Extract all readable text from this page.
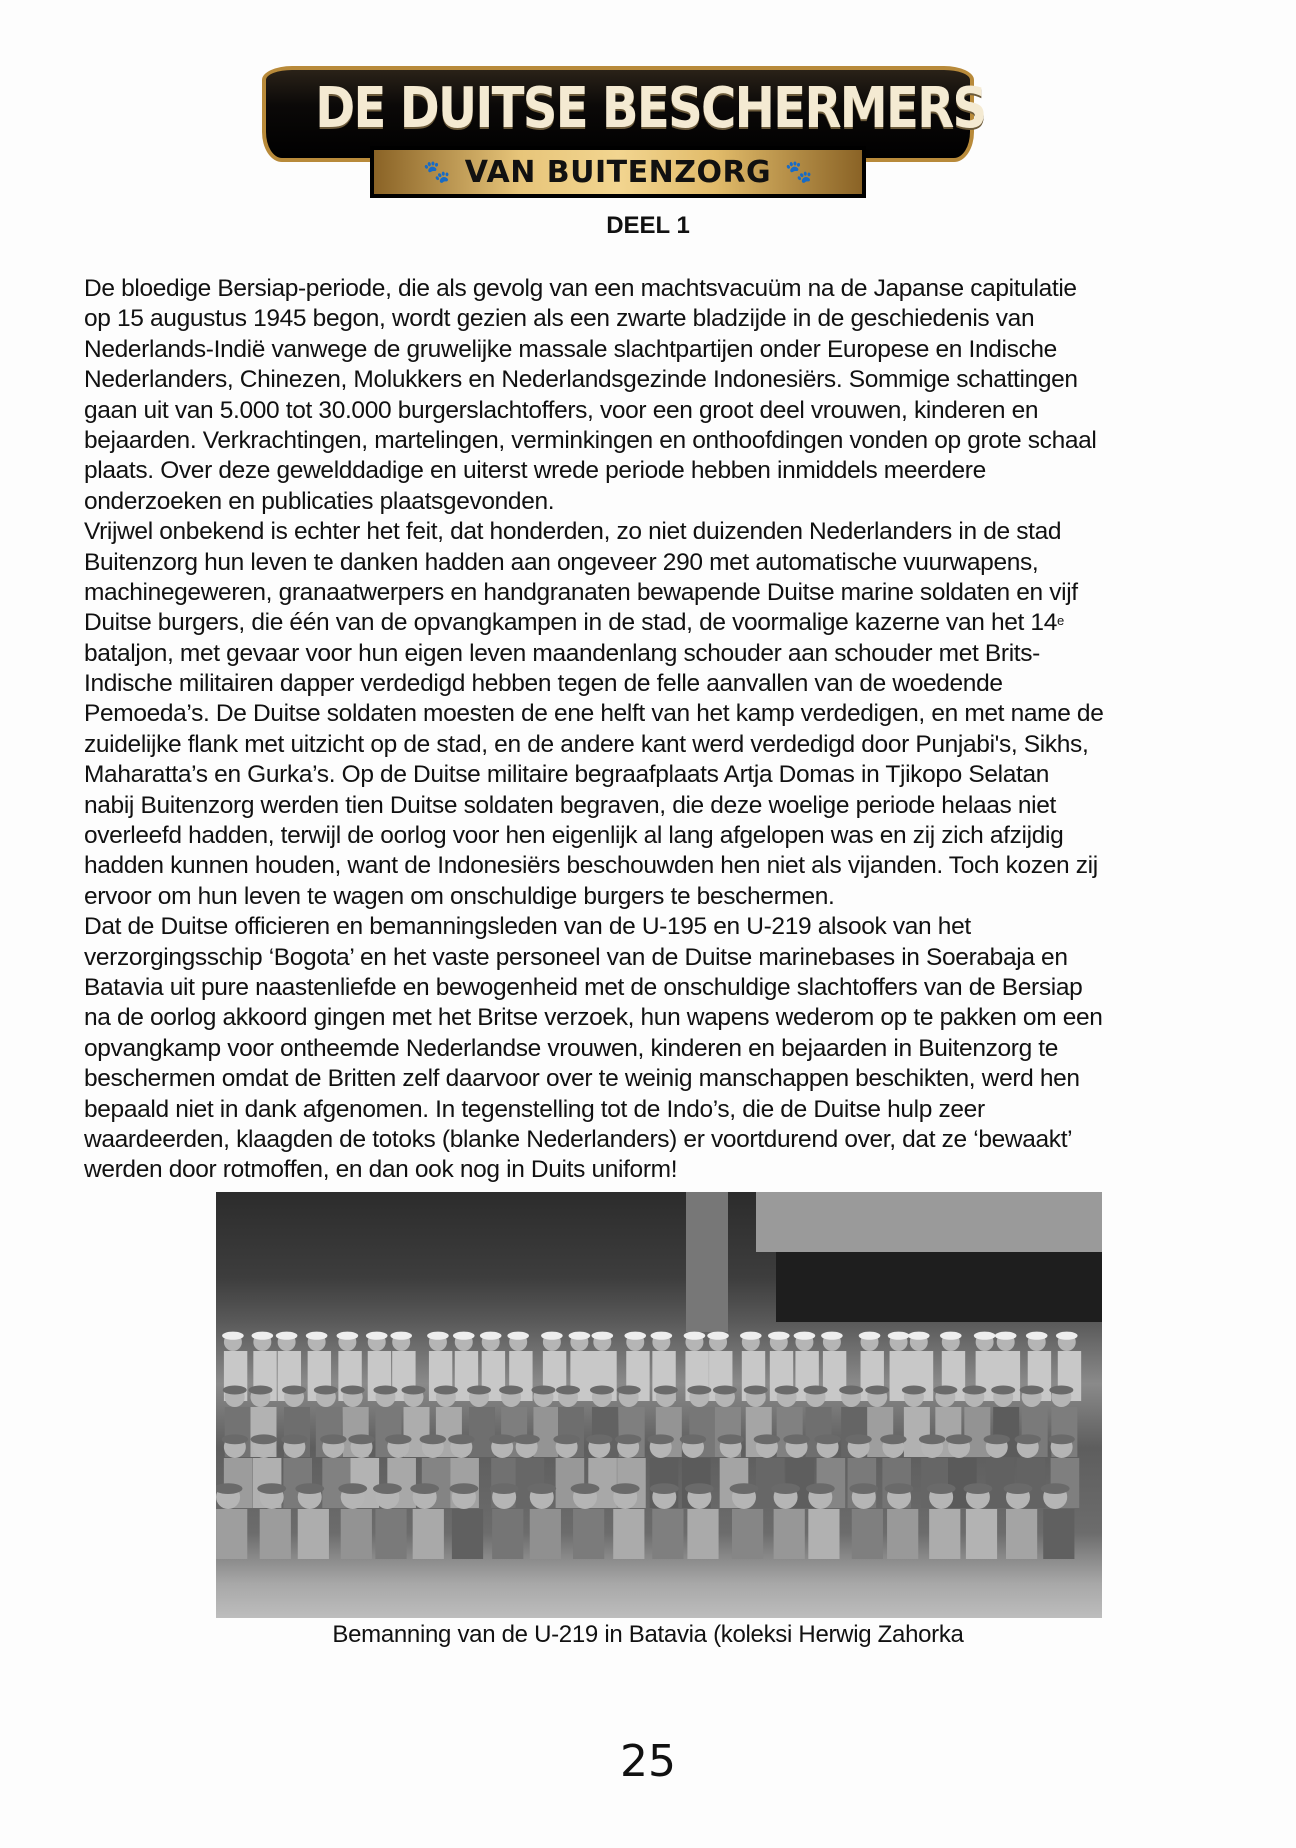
DE DUITSE BESCHERMERS
🐾 VAN BUITENZORG 🐾
DEEL 1
De bloedige Bersiap-periode, die als gevolg van een machtsvacuüm na de Japanse capitulatie
op 15 augustus 1945 begon, wordt gezien als een zwarte bladzijde in de geschiedenis van
Nederlands-Indië vanwege de gruwelijke massale slachtpartijen onder Europese en Indische
Nederlanders, Chinezen, Molukkers en Nederlandsgezinde Indonesiërs. Sommige schattingen
gaan uit van 5.000 tot 30.000 burgerslachtoffers, voor een groot deel vrouwen, kinderen en
bejaarden. Verkrachtingen, martelingen, verminkingen en onthoofdingen vonden op grote schaal
plaats. Over deze gewelddadige en uiterst wrede periode hebben inmiddels meerdere
onderzoeken en publicaties plaatsgevonden.
Vrijwel onbekend is echter het feit, dat honderden, zo niet duizenden Nederlanders in de stad
Buitenzorg hun leven te danken hadden aan ongeveer 290 met automatische vuurwapens,
machinegeweren, granaatwerpers en handgranaten bewapende Duitse marine soldaten en vijf
Duitse burgers, die één van de opvangkampen in de stad, de voormalige kazerne van het 14e
bataljon, met gevaar voor hun eigen leven maandenlang schouder aan schouder met Brits-
Indische militairen dapper verdedigd hebben tegen de felle aanvallen van de woedende
Pemoeda’s. De Duitse soldaten moesten de ene helft van het kamp verdedigen, en met name de
zuidelijke flank met uitzicht op de stad, en de andere kant werd verdedigd door Punjabi's, Sikhs,
Maharatta’s en Gurka’s. Op de Duitse militaire begraafplaats Artja Domas in Tjikopo Selatan
nabij Buitenzorg werden tien Duitse soldaten begraven, die deze woelige periode helaas niet
overleefd hadden, terwijl de oorlog voor hen eigenlijk al lang afgelopen was en zij zich afzijdig
hadden kunnen houden, want de Indonesiërs beschouwden hen niet als vijanden. Toch kozen zij
ervoor om hun leven te wagen om onschuldige burgers te beschermen.
Dat de Duitse officieren en bemanningsleden van de U-195 en U-219 alsook van het
verzorgingsschip ‘Bogota’ en het vaste personeel van de Duitse marinebases in Soerabaja en
Batavia uit pure naastenliefde en bewogenheid met de onschuldige slachtoffers van de Bersiap
na de oorlog akkoord gingen met het Britse verzoek, hun wapens wederom op te pakken om een
opvangkamp voor ontheemde Nederlandse vrouwen, kinderen en bejaarden in Buitenzorg te
beschermen omdat de Britten zelf daarvoor over te weinig manschappen beschikten, werd hen
bepaald niet in dank afgenomen. In tegenstelling tot de Indo’s, die de Duitse hulp zeer
waardeerden, klaagden de totoks (blanke Nederlanders) er voortdurend over, dat ze ‘bewaakt’
werden door rotmoffen, en dan ook nog in Duits uniform!
Bemanning van de U-219 in Batavia (koleksi Herwig Zahorka
25
